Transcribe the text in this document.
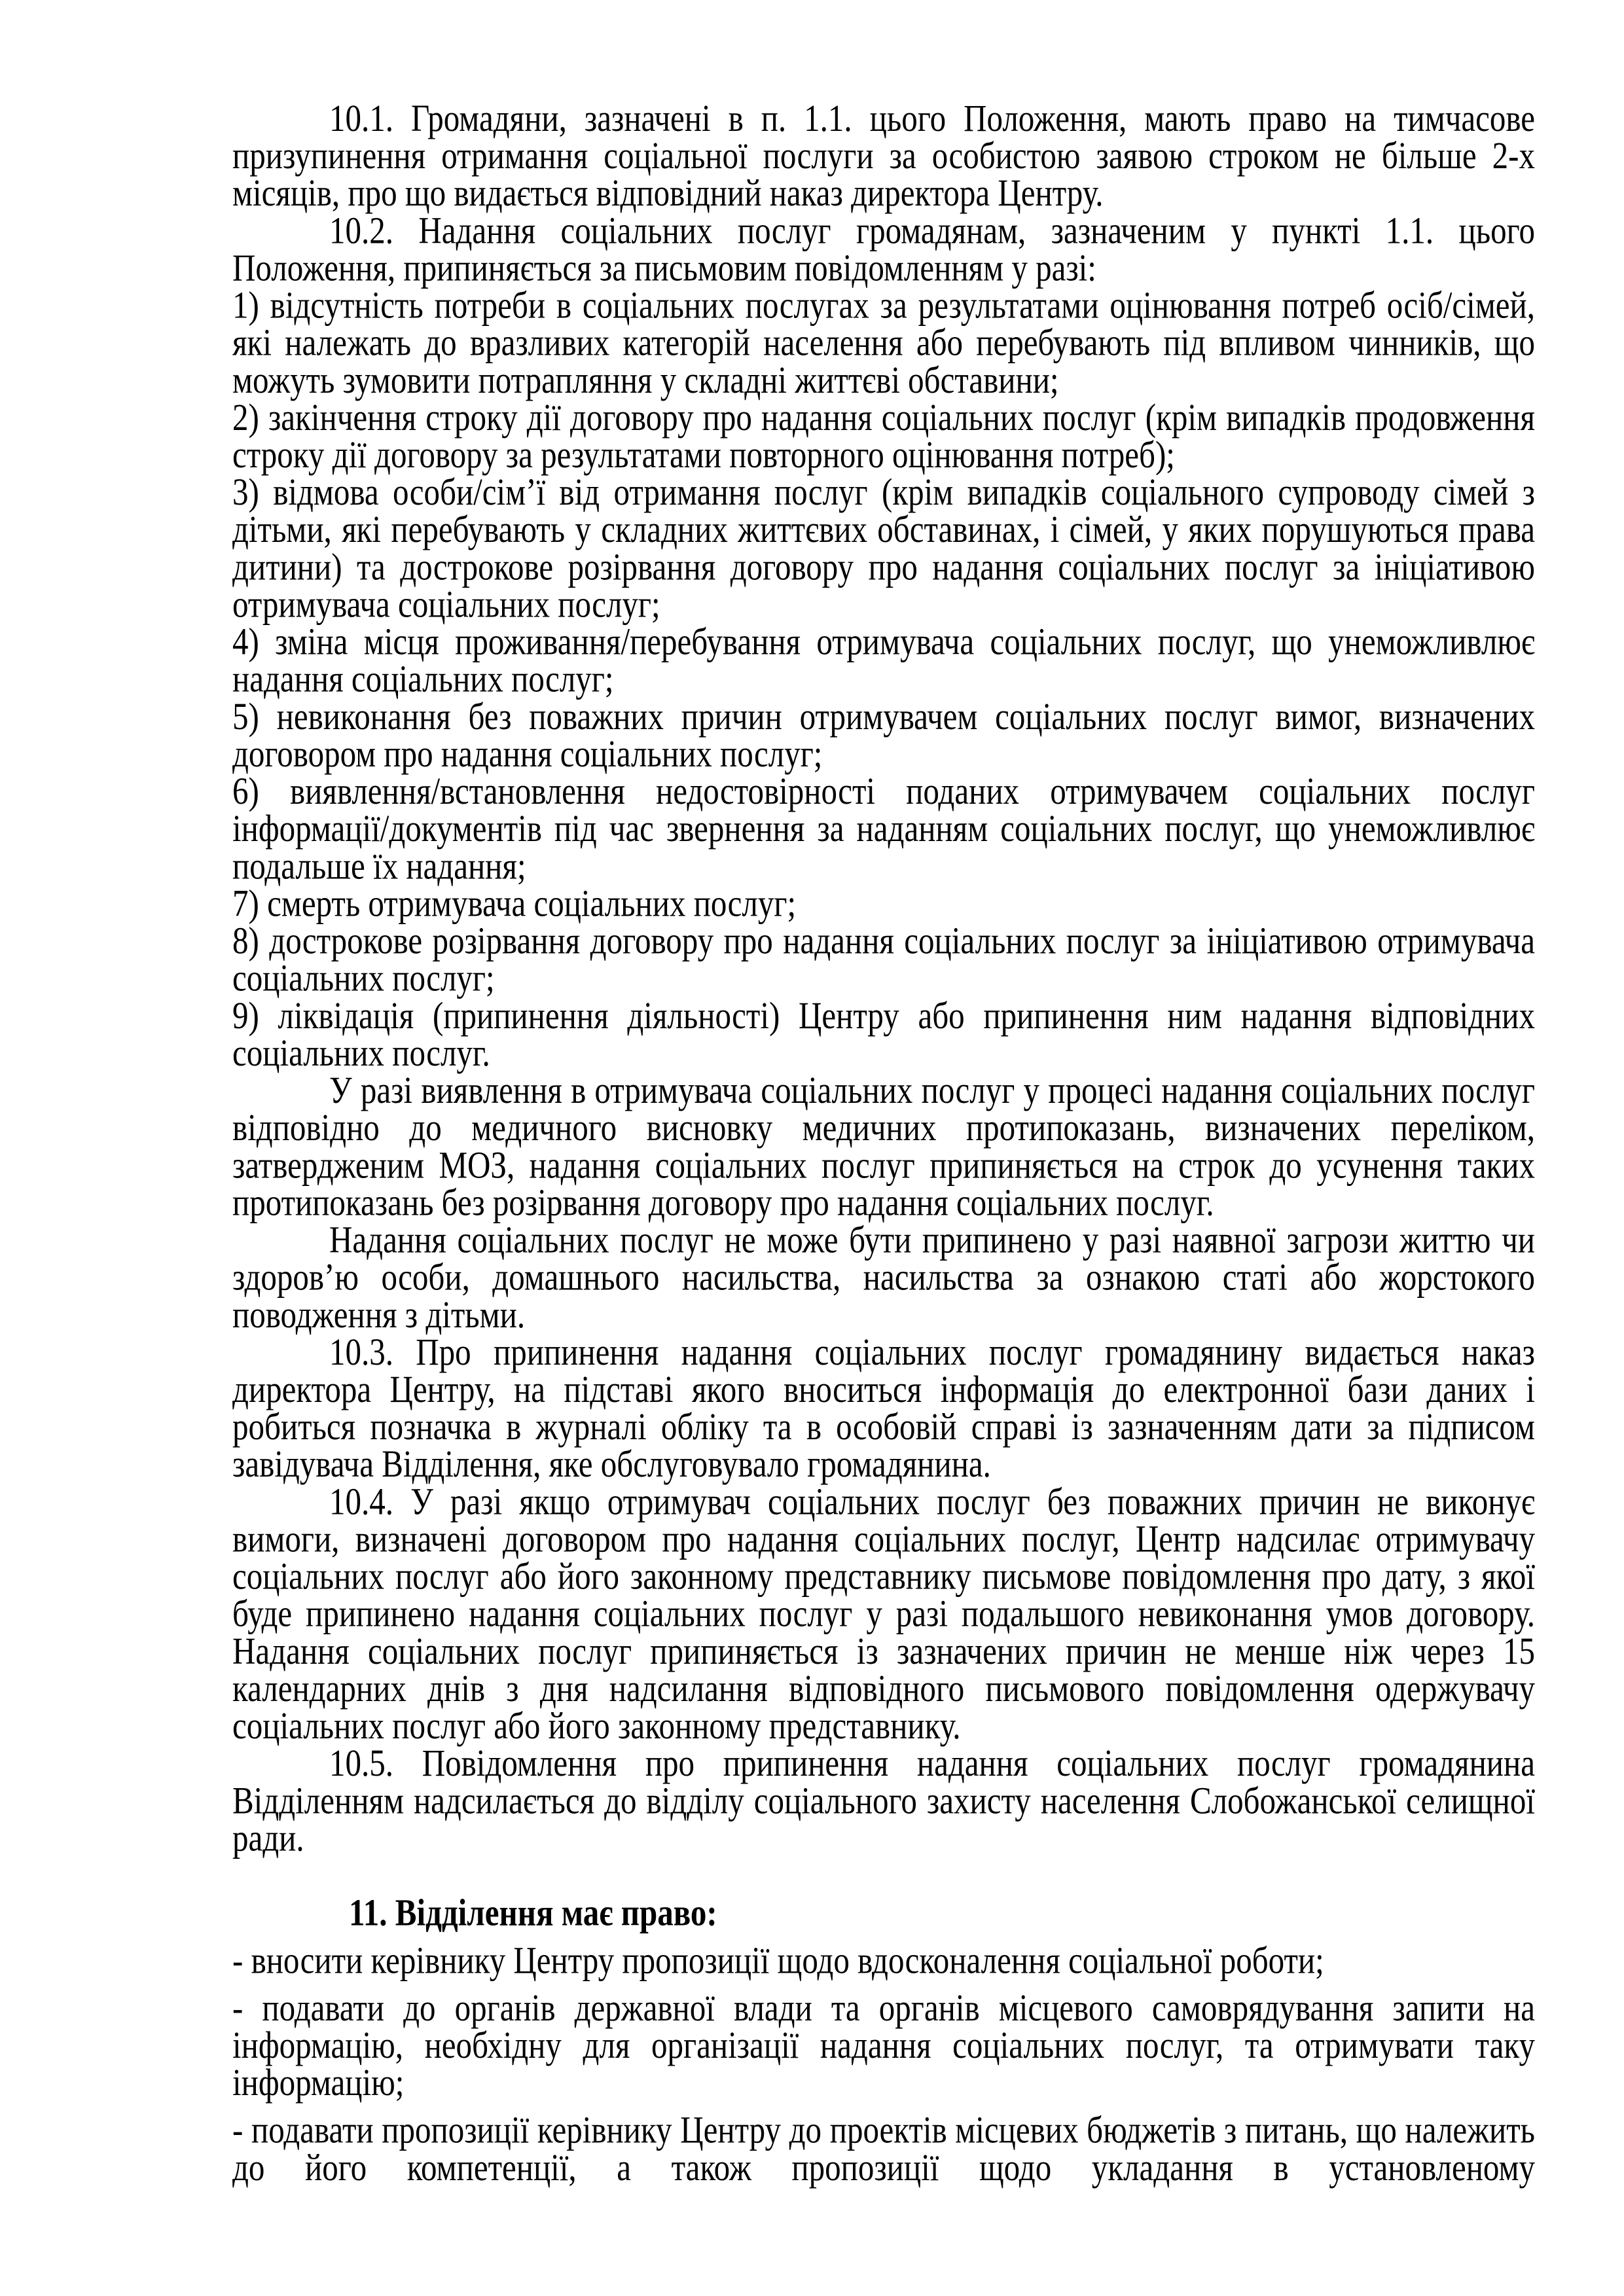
10.1. Громадяни, зазначені в п. 1.1. цього Положення, мають право на тимчасове призупинення отримання соціальної послуги за особистою заявою строком не більше 2-х місяців, про що видається відповідний наказ директора Центру.

10.2. Надання соціальних послуг громадянам, зазначеним у пункті 1.1. цього Положення, припиняється за письмовим повідомленням у разі:

1) відсутність потреби в соціальних послугах за результатами оцінювання потреб осіб/сімей, які належать до вразливих категорій населення або перебувають під впливом чинників, що можуть зумовити потрапляння у складні життєві обставини;

2) закінчення строку дії договору про надання соціальних послуг (крім випадків продовження строку дії договору за результатами повторного оцінювання потреб);

3) відмова особи/сім’ї від отримання послуг (крім випадків соціального супроводу сімей з дітьми, які перебувають у складних життєвих обставинах, і сімей, у яких порушуються права дитини) та дострокове розірвання договору про надання соціальних послуг за ініціативою отримувача соціальних послуг;

4) зміна місця проживання/перебування отримувача соціальних послуг, що унеможливлює надання соціальних послуг;

5) невиконання без поважних причин отримувачем соціальних послуг вимог, визначених договором про надання соціальних послуг;

6) виявлення/встановлення недостовірності поданих отримувачем соціальних послуг інформації/документів під час звернення за наданням соціальних послуг, що унеможливлює подальше їх надання;

7) смерть отримувача соціальних послуг;

8) дострокове розірвання договору про надання соціальних послуг за ініціативою отримувача соціальних послуг;

9) ліквідація (припинення діяльності) Центру або припинення ним надання відповідних соціальних послуг.

У разі виявлення в отримувача соціальних послуг у процесі надання соціальних послуг відповідно до медичного висновку медичних протипоказань, визначених переліком, затвердженим МОЗ, надання соціальних послуг припиняється на строк до усунення таких протипоказань без розірвання договору про надання соціальних послуг.

Надання соціальних послуг не може бути припинено у разі наявної загрози життю чи здоров’ю особи, домашнього насильства, насильства за ознакою статі або жорстокого поводження з дітьми.

10.3. Про припинення надання соціальних послуг громадянину видається наказ директора Центру, на підставі якого вноситься інформація до електронної бази даних і робиться позначка в журналі обліку та в особовій справі із зазначенням дати за підписом завідувача Відділення, яке обслуговувало громадянина.

10.4. У разі якщо отримувач соціальних послуг без поважних причин не виконує вимоги, визначені договором про надання соціальних послуг, Центр надсилає отримувачу соціальних послуг або його законному представнику письмове повідомлення про дату, з якої буде припинено надання соціальних послуг у разі подальшого невиконання умов договору. Надання соціальних послуг припиняється із зазначених причин не менше ніж через 15 календарних днів з дня надсилання відповідного письмового повідомлення одержувачу соціальних послуг або його законному представнику.

10.5. Повідомлення про припинення надання соціальних послуг громадянина Відділенням надсилається до відділу соціального захисту населення Слобожанської селищної ради.

11. Відділення має право:

- вносити керівнику Центру пропозиції щодо вдосконалення соціальної роботи;

- подавати до органів державної влади та органів місцевого самоврядування запити на інформацію, необхідну для організації надання соціальних послуг, та отримувати таку інформацію;

- подавати пропозиції керівнику Центру до проектів місцевих бюджетів з питань, що належить до його компетенції, а також пропозиції щодо укладання в установленому
